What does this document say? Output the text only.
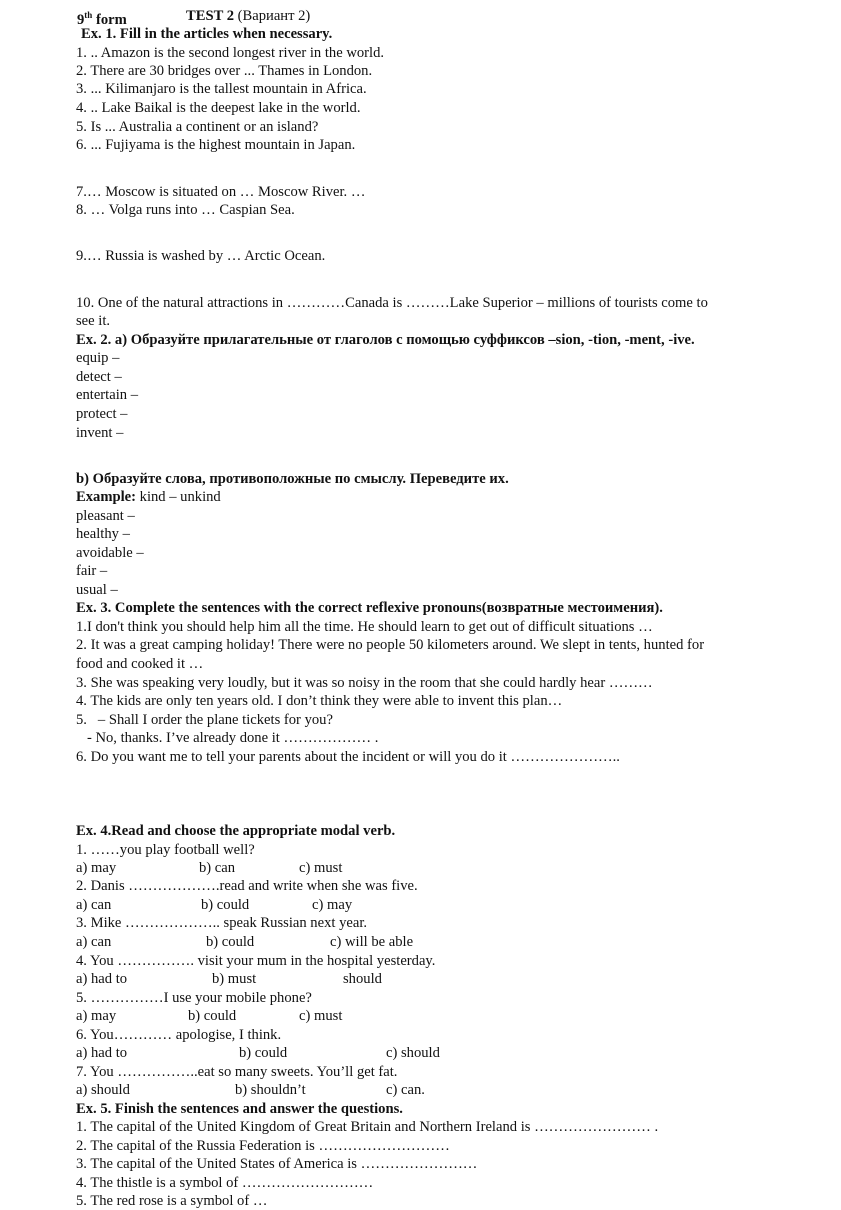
9th form	TEST 2 (Вариант 2)
Ex. 1. Fill in the articles when necessary.
1. .. Amazon is the second longest river in the world.
2. There are 30 bridges over ... Thames in London.
3. ... Kilimanjaro is the tallest mountain in Africa.
4. .. Lake Baikal is the deepest lake in the world.
5. Is ... Australia a continent or an island?
6. ... Fujiyama is the highest mountain in Japan.
7.… Moscow is situated on … Moscow River. …
8. … Volga runs into … Caspian Sea.
9.… Russia is washed by … Arctic Ocean.
10. One of the natural attractions in …………Canada is ………Lake Superior – millions of tourists come to
see it.
Ex. 2. а) Образуйте прилагательные от глаголов с помощью суффиксов –sion, -tion, -ment, -ive.
equip –
detect –
entertain –
protect –
invent –
b) Образуйте слова, противоположные по смыслу. Переведите их.
Example: kind – unkind
pleasant –
healthy –
avoidable –
fair –
usual –
Ex. 3. Complete the sentences with the correct reflexive pronouns(возвратные местоимения).
1.I don't think you should help him all the time. He should learn to get out of difficult situations …
2. It was a great camping holiday! There were no people 50 kilometers around. We slept in tents, hunted for
food and cooked it …
3. She was speaking very loudly, but it was so noisy in the room that she could hardly hear ………
4. The kids are only ten years old. I don’t think they were able to invent this plan…
5.   – Shall I order the plane tickets for you?
- No, thanks. I’ve already done it ……………… .
6. Do you want me to tell your parents about the incident or will you do it …………………..
Ex. 4.Read and choose the appropriate modal verb.
1. ……you play football well?
a) may	b) can	c) must
2. Danis ……………….read and write when she was five.
a) can	b) could	c) may
3. Mike ……………….. speak Russian next year.
a) can	b) could	c) will be able
4. You ……………. visit your mum in the hospital yesterday.
a) had to	b) must	should
5. ……………I use your mobile phone?
a) may	b) could	c) must
6. You………… apologise, I think.
a) had to	b) could	c) should
7. You ……………..eat so many sweets. You’ll get fat.
a) should	b) shouldn’t	c) can.
Ex. 5. Finish the sentences and answer the questions.
1. The capital of the United Kingdom of Great Britain and Northern Ireland is …………………… .
2. The capital of the Russia Federation is ………………………
3. The capital of the United States of America is ……………………
4. The thistle is a symbol of ………………………
5. The red rose is a symbol of …
